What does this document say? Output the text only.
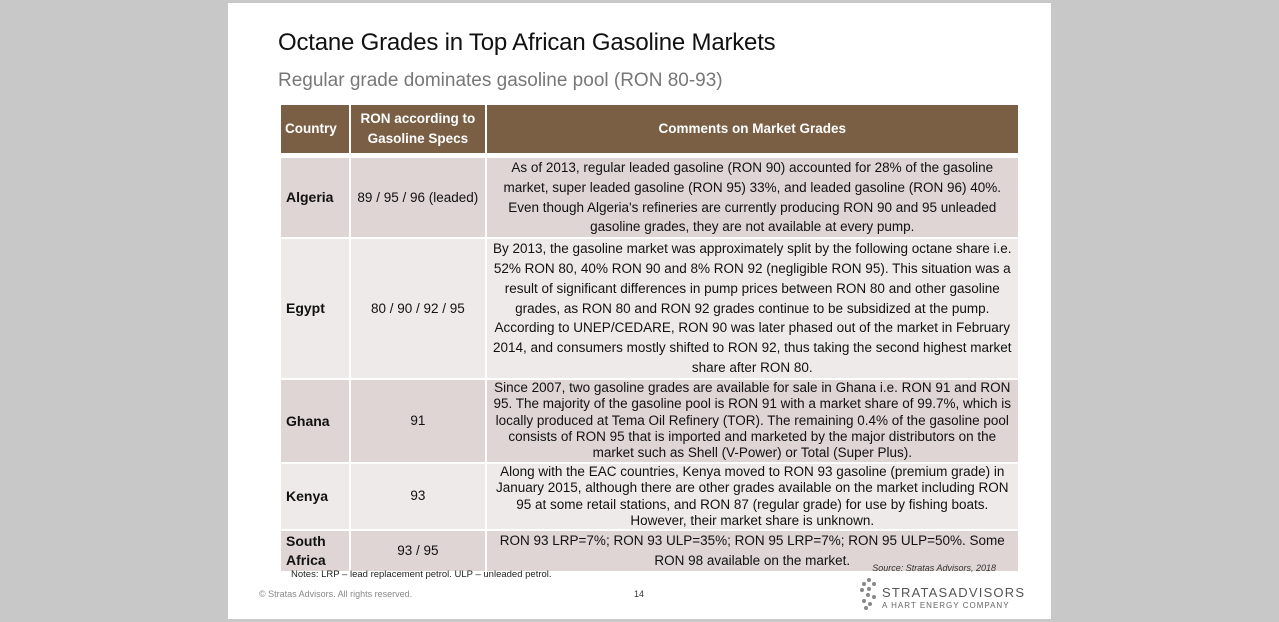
Octane Grades in Top African Gasoline Markets
Regular grade dominates gasoline pool (RON 80-93)
Country	RON according to Gasoline Specs	Comments on Market Grades
Algeria	89 / 95 / 96 (leaded)	As of 2013, regular leaded gasoline (RON 90) accounted for 28% of the gasoline market, super leaded gasoline (RON 95) 33%, and leaded gasoline (RON 96) 40%. Even though Algeria's refineries are currently producing RON 90 and 95 unleaded gasoline grades, they are not available at every pump.
Egypt	80 / 90 / 92 / 95	By 2013, the gasoline market was approximately split by the following octane share i.e. 52% RON 80, 40% RON 90 and 8% RON 92 (negligible RON 95). This situation was a result of significant differences in pump prices between RON 80 and other gasoline grades, as RON 80 and RON 92 grades continue to be subsidized at the pump. According to UNEP/CEDARE, RON 90 was later phased out of the market in February 2014, and consumers mostly shifted to RON 92, thus taking the second highest market share after RON 80.
Ghana	91	Since 2007, two gasoline grades are available for sale in Ghana i.e. RON 91 and RON 95. The majority of the gasoline pool is RON 91 with a market share of 99.7%, which is locally produced at Tema Oil Refinery (TOR). The remaining 0.4% of the gasoline pool consists of RON 95 that is imported and marketed by the major distributors on the market such as Shell (V-Power) or Total (Super Plus).
Kenya	93	Along with the EAC countries, Kenya moved to RON 93 gasoline (premium grade) in January 2015, although there are other grades available on the market including RON 95 at some retail stations, and RON 87 (regular grade) for use by fishing boats. However, their market share is unknown.
South Africa	93 / 95	RON 93 LRP=7%; RON 93 ULP=35%; RON 95 LRP=7%; RON 95 ULP=50%. Some RON 98 available on the market.
Notes: LRP – lead replacement petrol. ULP – unleaded petrol.
Source: Stratas Advisors, 2018
© Stratas Advisors. All rights reserved.	14	STRATASADVISORS
A HART ENERGY COMPANY
